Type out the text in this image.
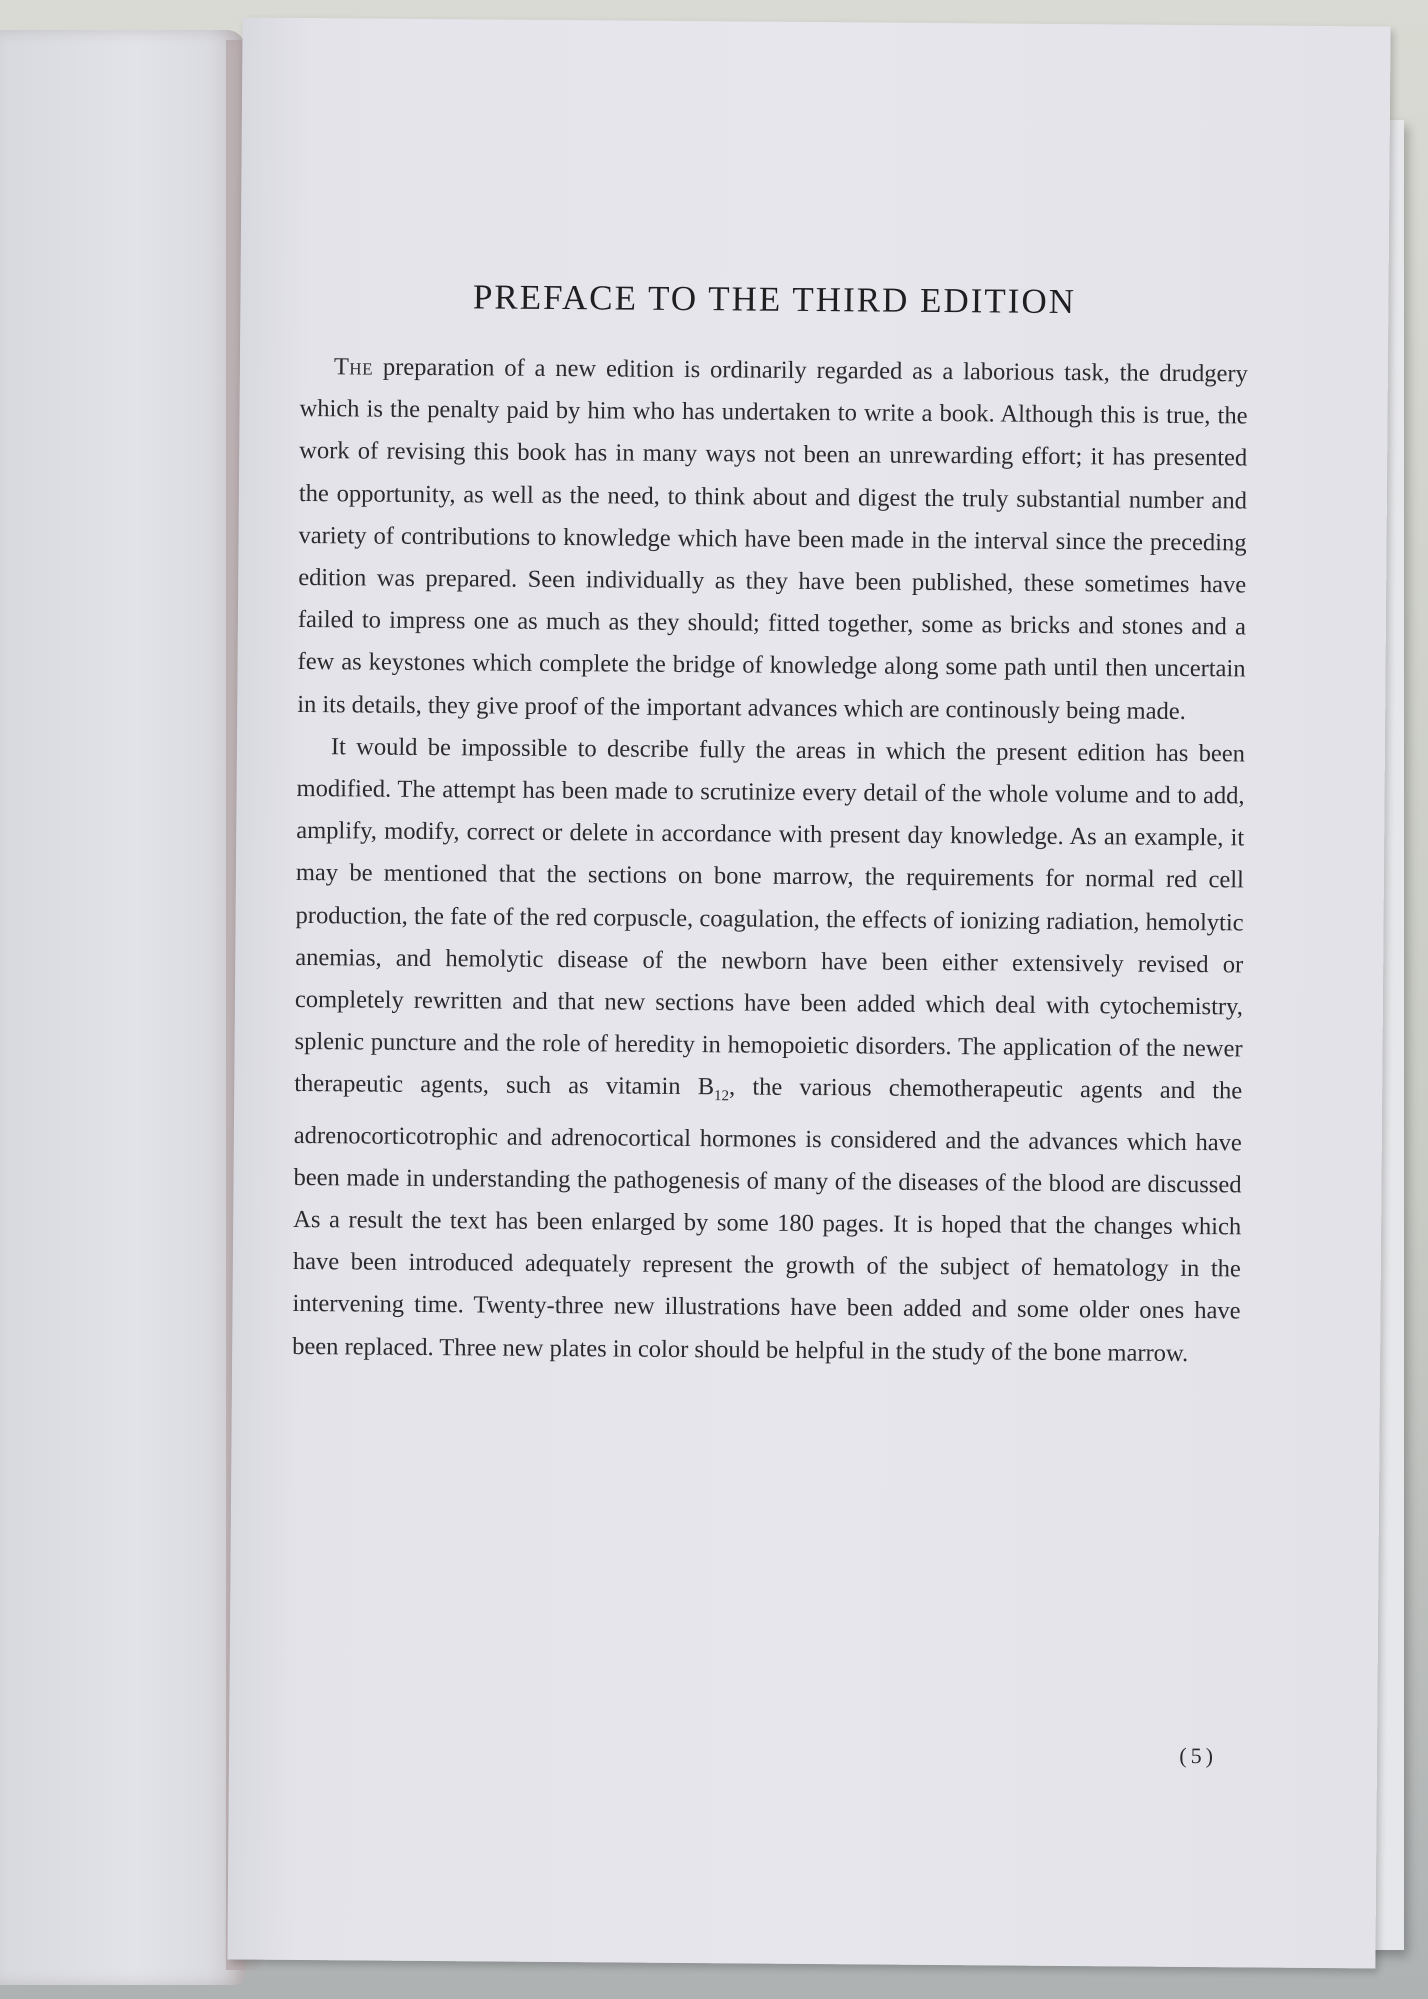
PREFACE TO THE THIRD EDITION

The preparation of a new edition is ordinarily regarded as a laborious task, the drudgery which is the penalty paid by him who has undertaken to write a book. Although this is true, the work of revising this book has in many ways not been an unrewarding effort; it has presented the opportunity, as well as the need, to think about and digest the truly substantial number and variety of contributions to knowledge which have been made in the interval since the preceding edition was prepared. Seen individually as they have been published, these sometimes have failed to impress one as much as they should; fitted together, some as bricks and stones and a few as keystones which complete the bridge of knowledge along some path until then uncertain in its details, they give proof of the important advances which are continously being made.

It would be impossible to describe fully the areas in which the present edition has been modified. The attempt has been made to scrutinize every detail of the whole volume and to add, amplify, modify, correct or delete in accordance with present day knowledge. As an example, it may be mentioned that the sections on bone marrow, the requirements for normal red cell production, the fate of the red corpuscle, coagulation, the effects of ionizing radiation, hemolytic anemias, and hemolytic disease of the newborn have been either extensively revised or completely rewritten and that new sections have been added which deal with cytochemistry, splenic puncture and the role of heredity in hemopoietic disorders. The application of the newer therapeutic agents, such as vitamin $B_{12}$, the various chemotherapeutic agents and the adrenocorticotrophic and adrenocortical hormones is considered and the advances which have been made in understanding the pathogenesis of many of the diseases of the blood are discussed As a result the text has been enlarged by some 180 pages. It is hoped that the changes which have been introduced adequately represent the growth of the subject of hematology in the intervening time. Twenty-three new illustrations have been added and some older ones have been replaced. Three new plates in color should be helpful in the study of the bone marrow.

(5)
